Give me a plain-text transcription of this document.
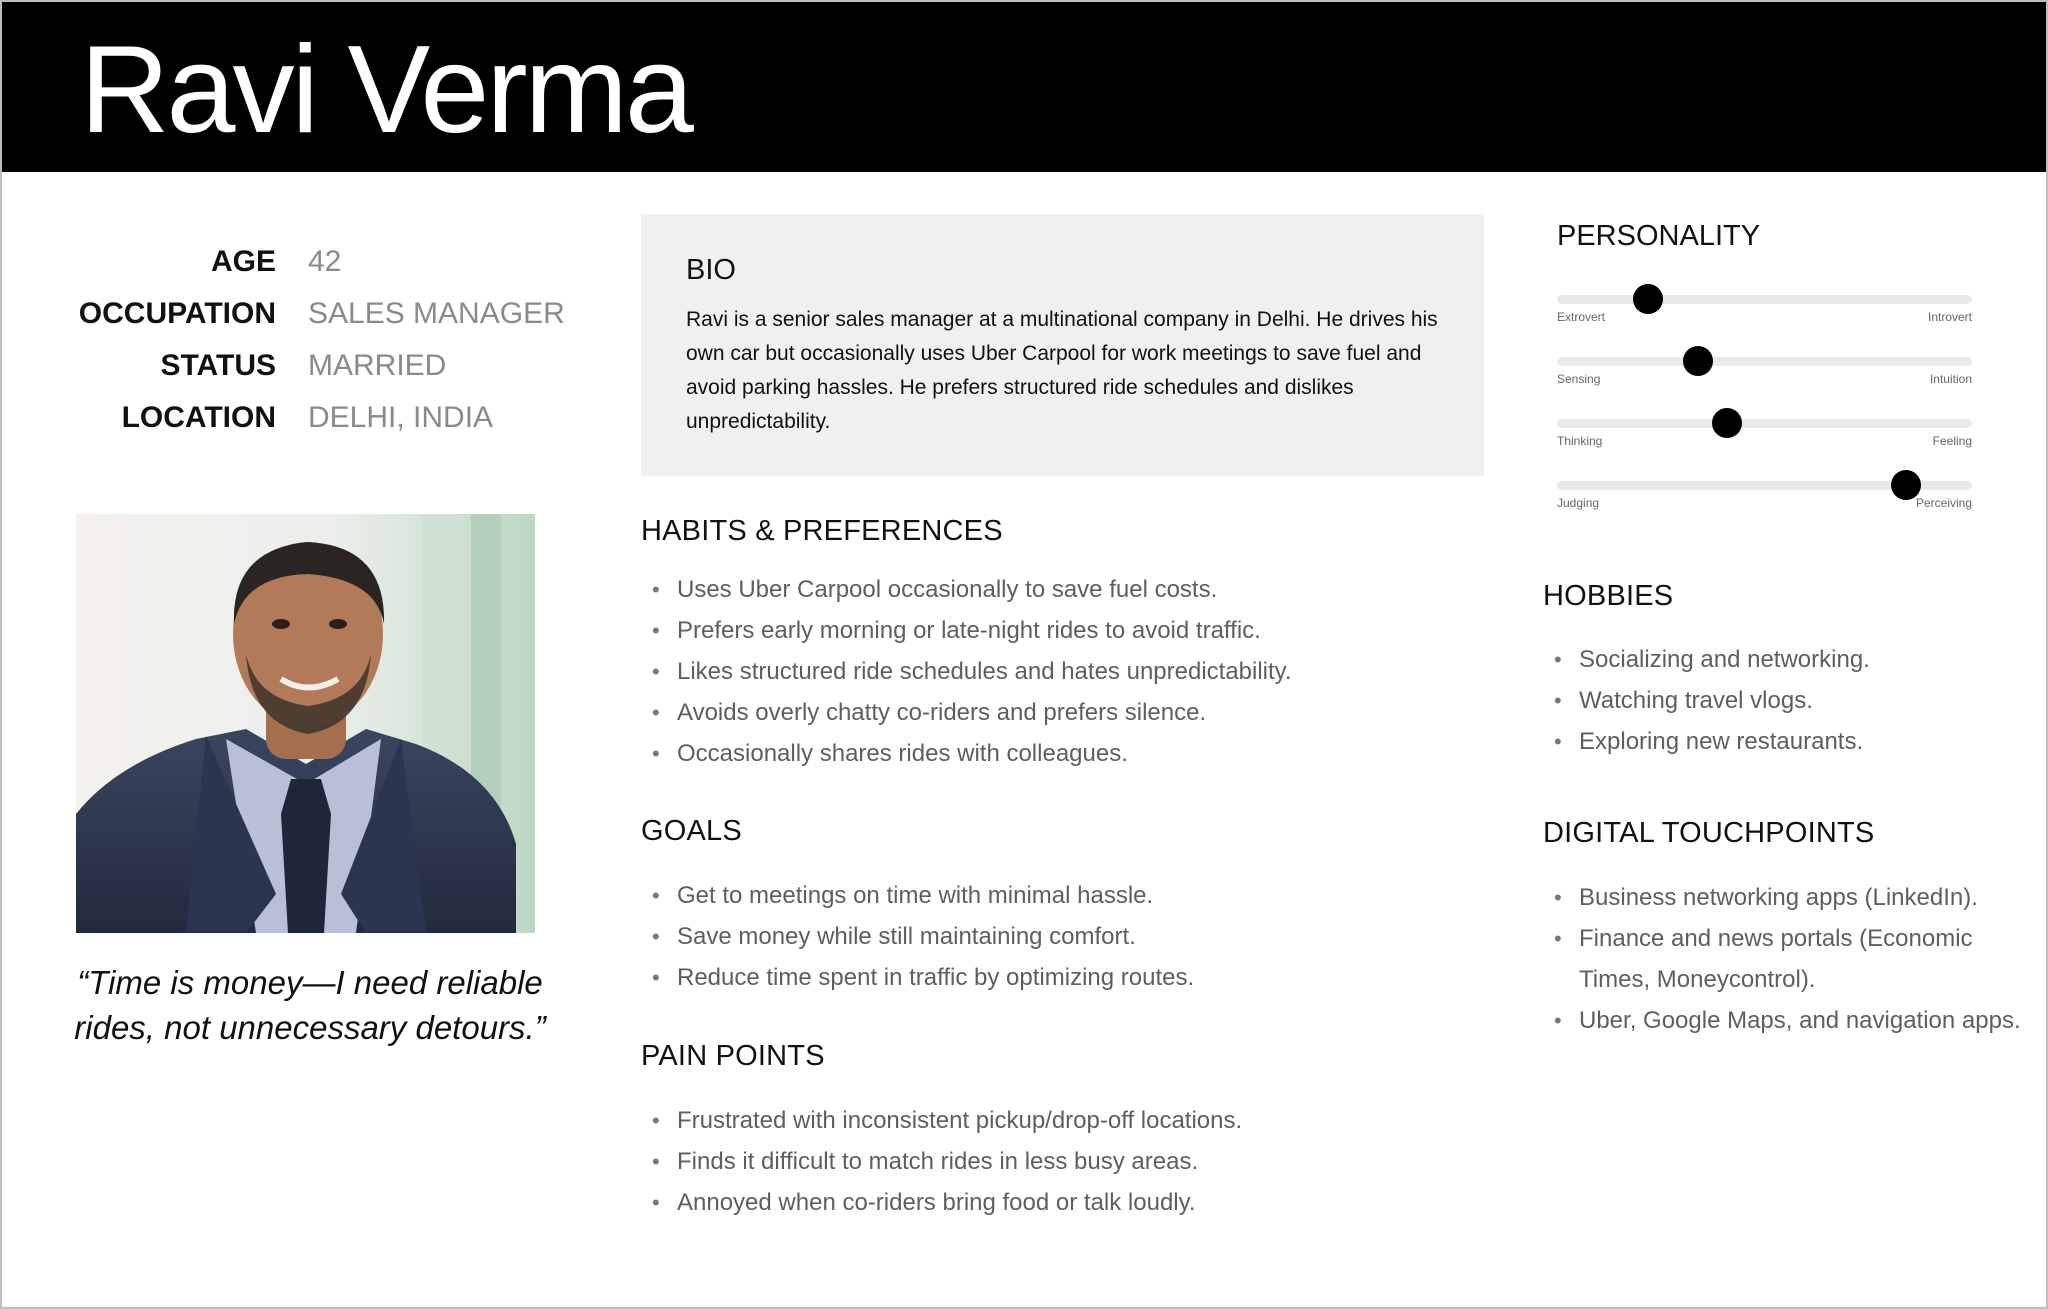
Ravi Verma
AGE 42
OCCUPATION SALES MANAGER
STATUS MARRIED
LOCATION DELHI, INDIA
“Time is money—I need reliable rides, not unnecessary detours.”
BIO
Ravi is a senior sales manager at a multinational company in Delhi. He drives his own car but occasionally uses Uber Carpool for work meetings to save fuel and avoid parking hassles. He prefers structured ride schedules and dislikes unpredictability.
HABITS & PREFERENCES
• Uses Uber Carpool occasionally to save fuel costs.
• Prefers early morning or late-night rides to avoid traffic.
• Likes structured ride schedules and hates unpredictability.
• Avoids overly chatty co-riders and prefers silence.
• Occasionally shares rides with colleagues.
GOALS
• Get to meetings on time with minimal hassle.
• Save money while still maintaining comfort.
• Reduce time spent in traffic by optimizing routes.
PAIN POINTS
• Frustrated with inconsistent pickup/drop-off locations.
• Finds it difficult to match rides in less busy areas.
• Annoyed when co-riders bring food or talk loudly.
PERSONALITY
Extrovert	Introvert
Sensing	Intuition
Thinking	Feeling
Judging	Perceiving
HOBBIES
• Socializing and networking.
• Watching travel vlogs.
• Exploring new restaurants.
DIGITAL TOUCHPOINTS
• Business networking apps (LinkedIn).
• Finance and news portals (Economic Times, Moneycontrol).
• Uber, Google Maps, and navigation apps.
